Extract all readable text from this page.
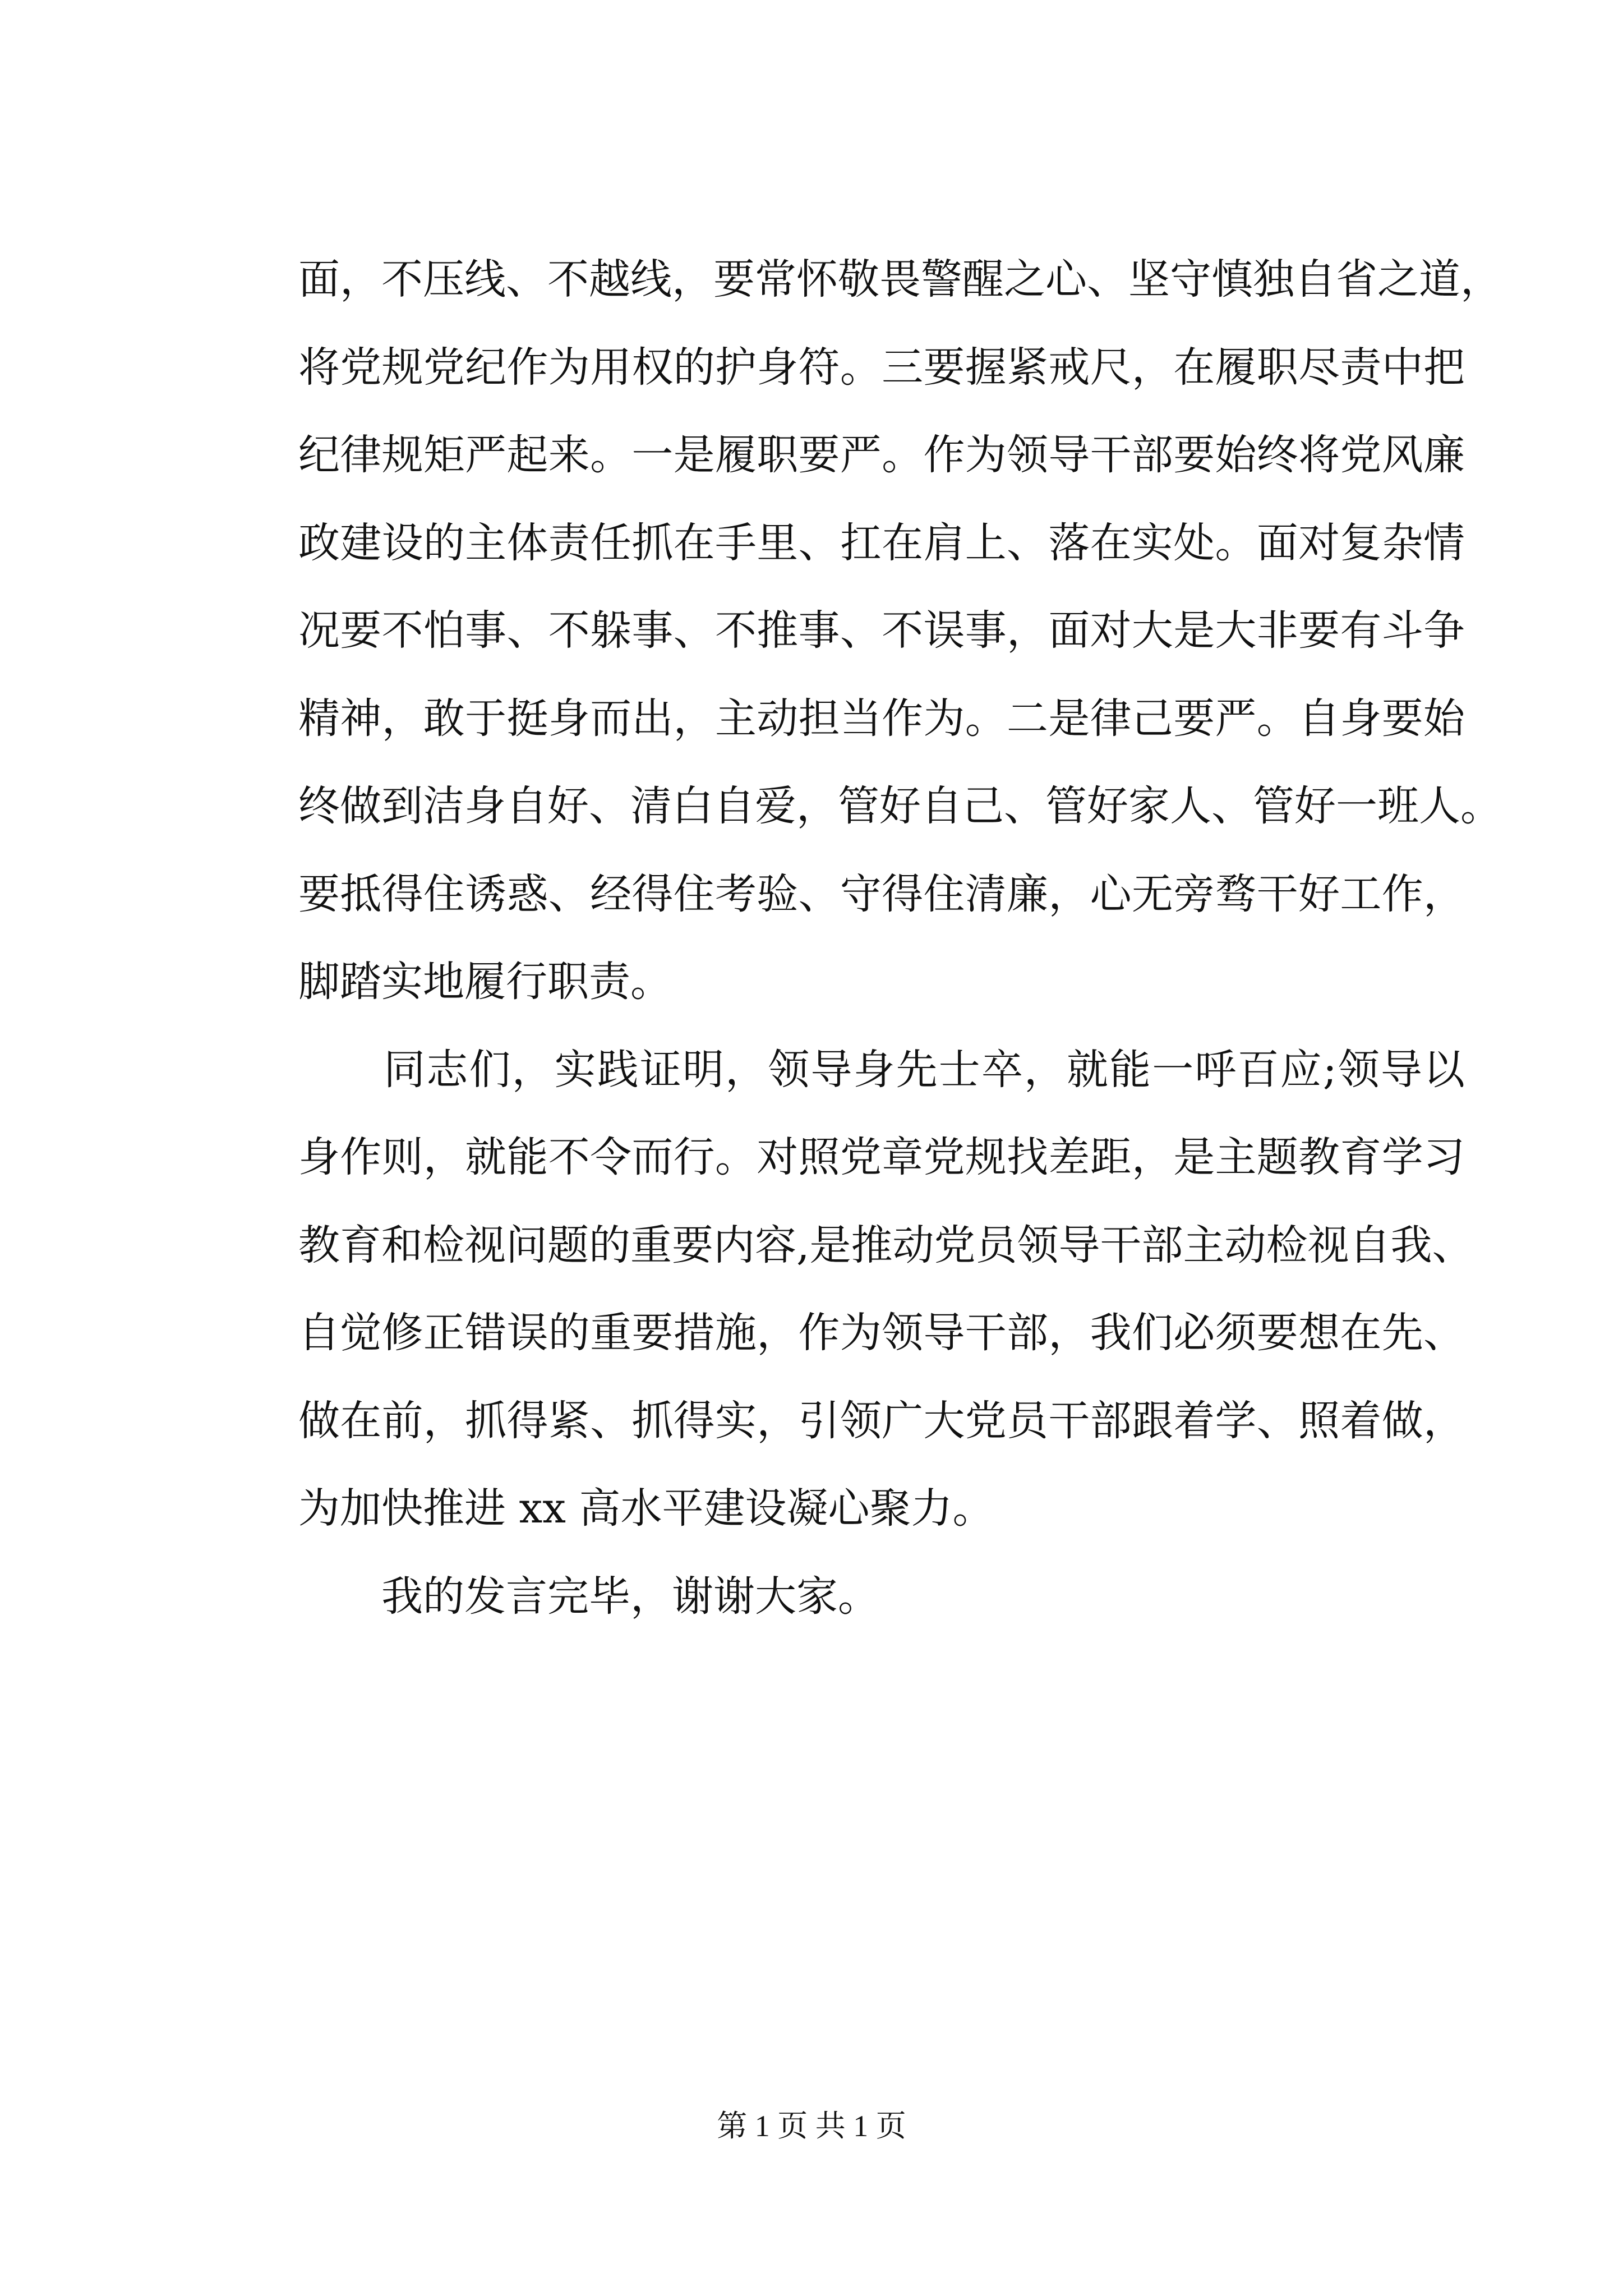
面，不压线、不越线，要常怀敬畏警醒之心、坚守慎独自省之道，
将党规党纪作为用权的护身符。三要握紧戒尺，在履职尽责中把
纪律规矩严起来。一是履职要严。作为领导干部要始终将党风廉
政建设的主体责任抓在手里、扛在肩上、落在实处。面对复杂情
况要不怕事、不躲事、不推事、不误事，面对大是大非要有斗争
精神，敢于挺身而出，主动担当作为。二是律己要严。自身要始
终做到洁身自好、清白自爱，管好自己、管好家人、管好一班人。
要抵得住诱惑、经得住考验、守得住清廉，心无旁骛干好工作，
脚踏实地履行职责。
　　同志们，实践证明，领导身先士卒，就能一呼百应;领导以
身作则，就能不令而行。对照党章党规找差距，是主题教育学习
教育和检视问题的重要内容,是推动党员领导干部主动检视自我、
自觉修正错误的重要措施，作为领导干部，我们必须要想在先、
做在前，抓得紧、抓得实，引领广大党员干部跟着学、照着做，
为加快推进 xx 高水平建设凝心聚力。
　　我的发言完毕，谢谢大家。
第 1 页 共 1 页
